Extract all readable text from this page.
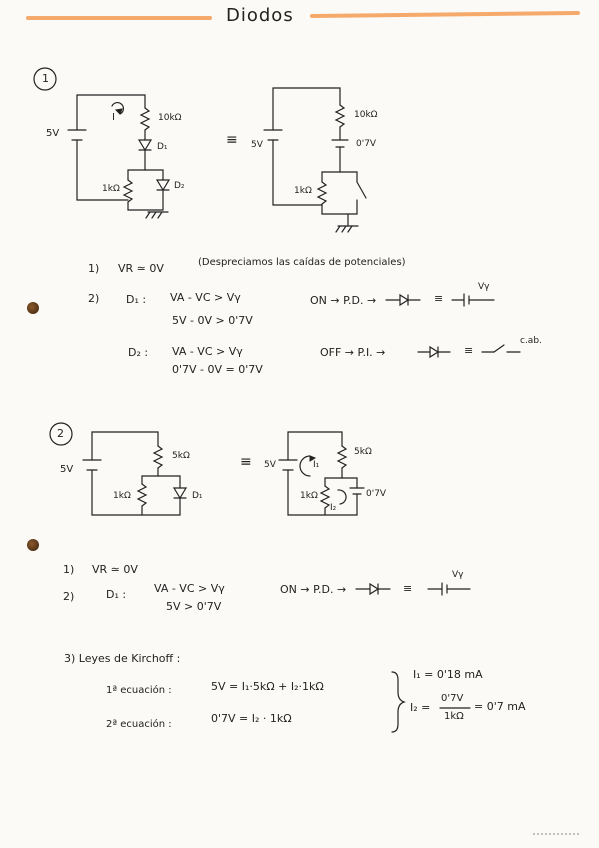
Diodos
1
5V
I	10kΩ
D₁
1kΩ	D₂
≡ 5V
10kΩ
0'7V
1kΩ
1) VR ≃ 0V	(Despreciamos las caídas de potenciales)
2) D₁ : VA - VC > Vγ
5V - 0V > 0'7V
ON → P.D. →	≡
Vγ
D₂ : VA - VC > Vγ
0'7V - 0V = 0'7V
OFF → P.I. →	≡
c.ab.
2
5V
5kΩ
1kΩ	D₁
≡ 5V
5kΩ
I₁
1kΩ	0'7V
I₂
1) VR ≃ 0V
2)	D₁ :	VA - VC > Vγ
5V > 0'7V
ON → P.D. →	≡
Vγ
3) Leyes de Kirchoff :
1ª ecuación :	5V = I₁·5kΩ + I₂·1kΩ
2ª ecuación :	0'7V = I₂ · 1kΩ
I₁ = 0'18 mA
I₂ =
0'7V
1kΩ
= 0'7 mA
